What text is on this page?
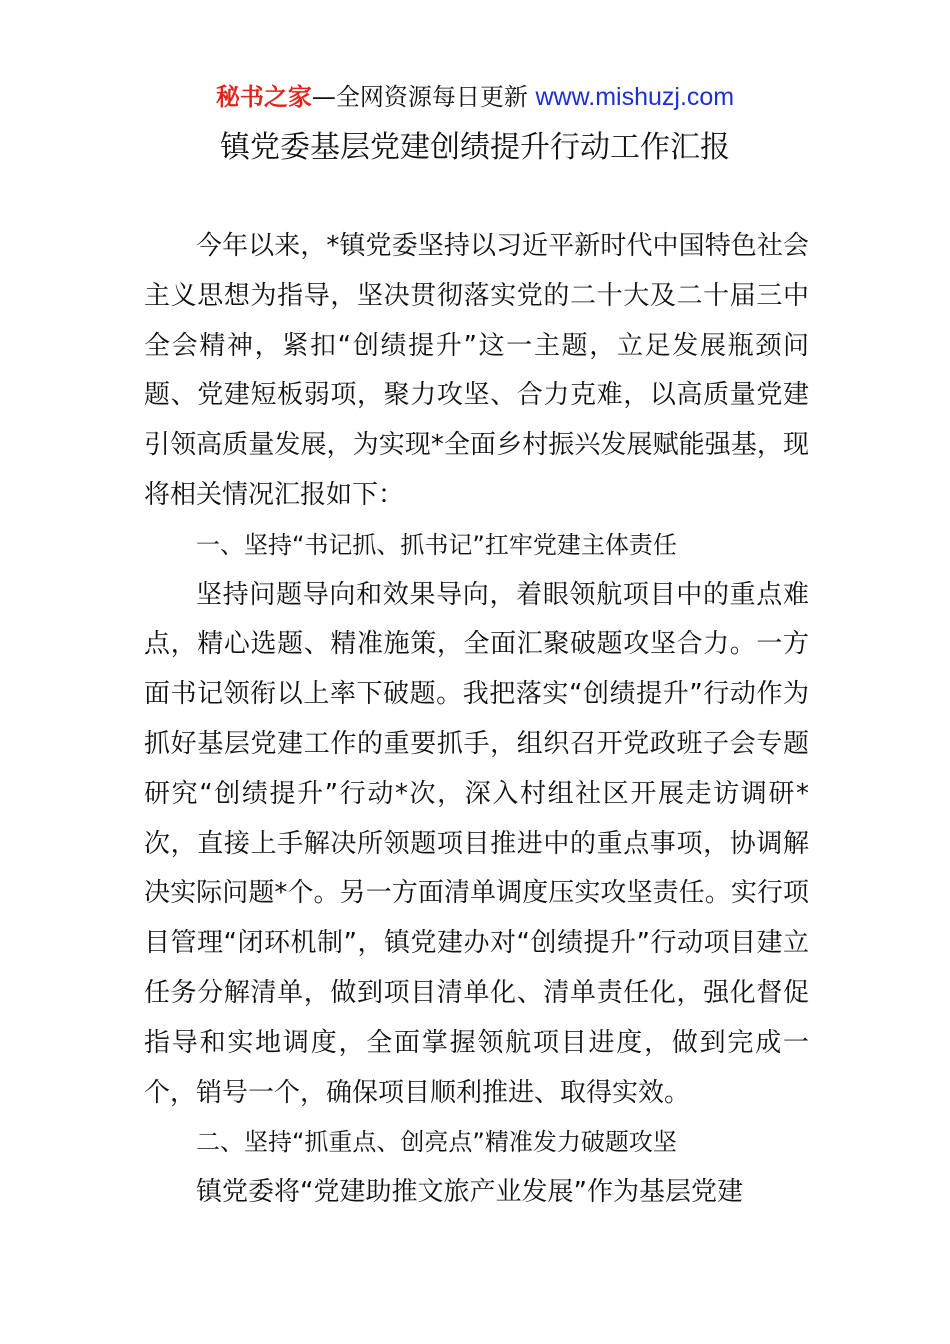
秘书之家—全网资源每日更新 www.mishuzj.com
镇党委基层党建创绩提升行动工作汇报

今年以来，*镇党委坚持以习近平新时代中国特色社会主义思想为指导，坚决贯彻落实党的二十大及二十届三中全会精神，紧扣“创绩提升”这一主题，立足发展瓶颈问题、党建短板弱项，聚力攻坚、合力克难，以高质量党建引领高质量发展，为实现*全面乡村振兴发展赋能强基，现将相关情况汇报如下：

一、坚持“书记抓、抓书记”扛牢党建主体责任

坚持问题导向和效果导向，着眼领航项目中的重点难点，精心选题、精准施策，全面汇聚破题攻坚合力。一方面书记领衔以上率下破题。我把落实“创绩提升”行动作为抓好基层党建工作的重要抓手，组织召开党政班子会专题研究“创绩提升”行动*次，深入村组社区开展走访调研*次，直接上手解决所领题项目推进中的重点事项，协调解决实际问题*个。另一方面清单调度压实攻坚责任。实行项目管理“闭环机制”，镇党建办对“创绩提升”行动项目建立任务分解清单，做到项目清单化、清单责任化，强化督促指导和实地调度，全面掌握领航项目进度，做到完成一个，销号一个，确保项目顺利推进、取得实效。

二、坚持“抓重点、创亮点”精准发力破题攻坚

镇党委将“党建助推文旅产业发展”作为基层党建
